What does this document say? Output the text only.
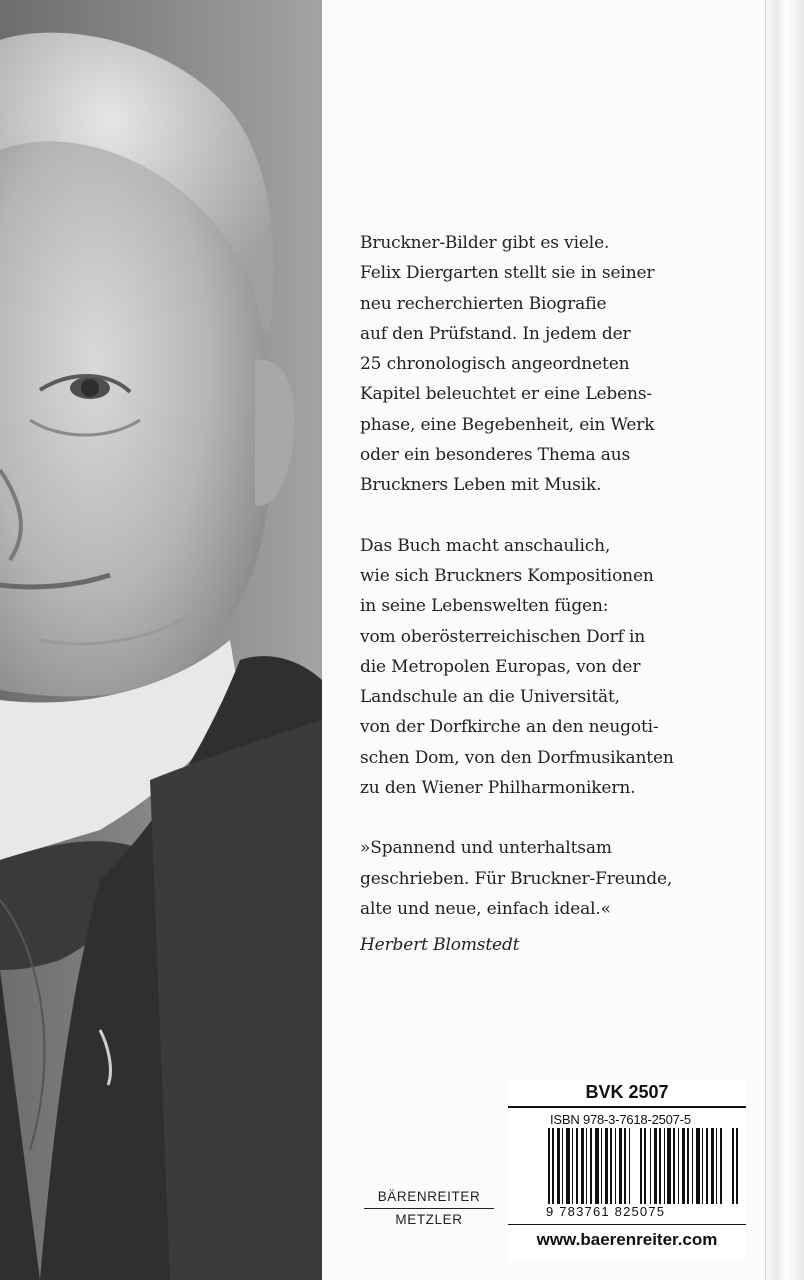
Bruckner-Bilder gibt es viele.
Felix Diergarten stellt sie in seiner
neu recherchierten Biografie
auf den Prüfstand. In jedem der
25 chronologisch angeordneten
Kapitel beleuchtet er eine Lebens-
phase, eine Begebenheit, ein Werk
oder ein besonderes Thema aus
Bruckners Leben mit Musik.

Das Buch macht anschaulich,
wie sich Bruckners Kompositionen
in seine Lebenswelten fügen:
vom oberösterreichischen Dorf in
die Metropolen Europas, von der
Landschule an die Universität,
von der Dorfkirche an den neugoti-
schen Dom, von den Dorfmusikanten
zu den Wiener Philharmonikern.

»Spannend und unterhaltsam
geschrieben. Für Bruckner-Freunde,
alte und neue, einfach ideal.«

Herbert Blomstedt

BÄRENREITER
METZLER
BVK 2507
ISBN 978-3-7618-2507-5
9 783761 825075
www.baerenreiter.com
